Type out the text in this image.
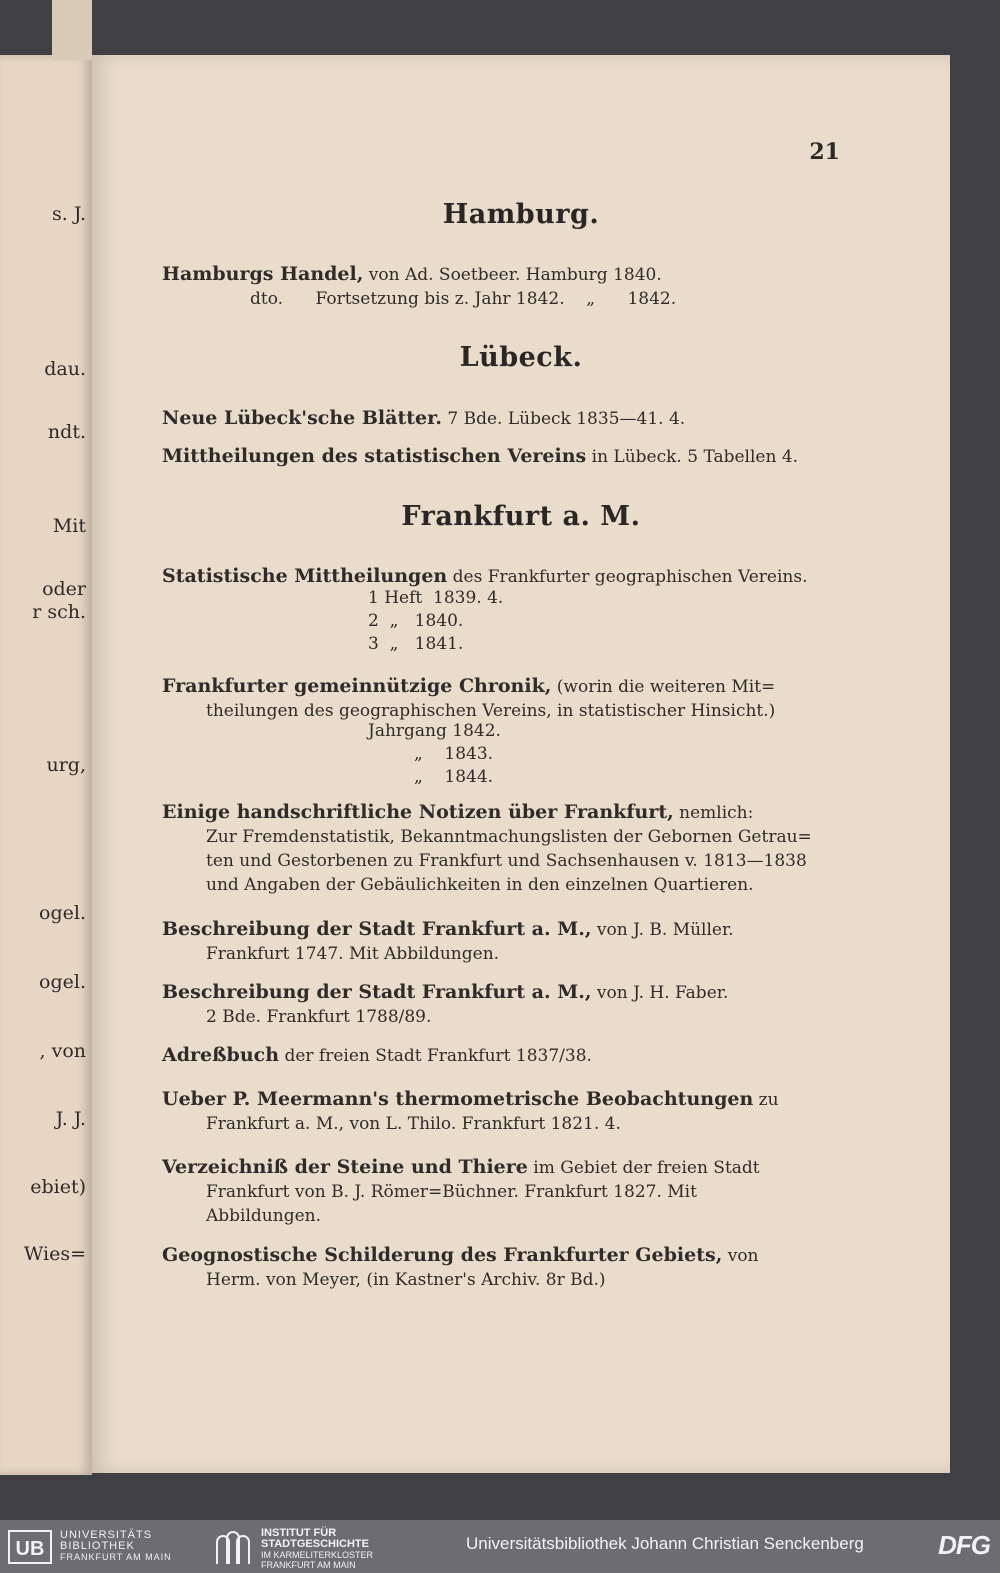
s. J.
dau.
ndt.
Mit
oder
r sch.
urg,
ogel.
ogel.
, von
J. J.
ebiet)
Wies=
21
Hamburg.
Hamburgs Handel, von Ad. Soetbeer. Hamburg 1840.
dto.      Fortsetzung bis z. Jahr 1842.    „      1842.
Lübeck.
Neue Lübeck'sche Blätter. 7 Bde. Lübeck 1835—41. 4.
Mittheilungen des statistischen Vereins in Lübeck. 5 Tabellen 4.
Frankfurt a. M.
Statistische Mittheilungen des Frankfurter geographischen Vereins.
1 Heft  1839. 4.
2  „   1840.
3  „   1841.
Frankfurter gemeinnützige Chronik, (worin die weiteren Mit=
theilungen des geographischen Vereins, in statistischer Hinsicht.)
Jahrgang 1842.
„    1843.
„    1844.
Einige handschriftliche Notizen über Frankfurt, nemlich:
Zur Fremdenstatistik, Bekanntmachungslisten der Gebornen Getrau=
ten und Gestorbenen zu Frankfurt und Sachsenhausen v. 1813—1838
und Angaben der Gebäulichkeiten in den einzelnen Quartieren.
Beschreibung der Stadt Frankfurt a. M., von J. B. Müller.
Frankfurt 1747. Mit Abbildungen.
Beschreibung der Stadt Frankfurt a. M., von J. H. Faber.
2 Bde. Frankfurt 1788/89.
Adreßbuch der freien Stadt Frankfurt 1837/38.
Ueber P. Meermann's thermometrische Beobachtungen zu
Frankfurt a. M., von L. Thilo. Frankfurt 1821. 4.
Verzeichniß der Steine und Thiere im Gebiet der freien Stadt
Frankfurt von B. J. Römer=Büchner. Frankfurt 1827. Mit
Abbildungen.
Geognostische Schilderung des Frankfurter Gebiets, von
Herm. von Meyer, (in Kastner's Archiv. 8r Bd.)
UB
UNIVERSITÄTS
BIBLIOTHEK
FRANKFURT AM MAIN
INSTITUT FÜR
STADTGESCHICHTE
IM KARMELITERKLOSTER
FRANKFURT AM MAIN
Universitätsbibliothek Johann Christian Senckenberg	DFG
